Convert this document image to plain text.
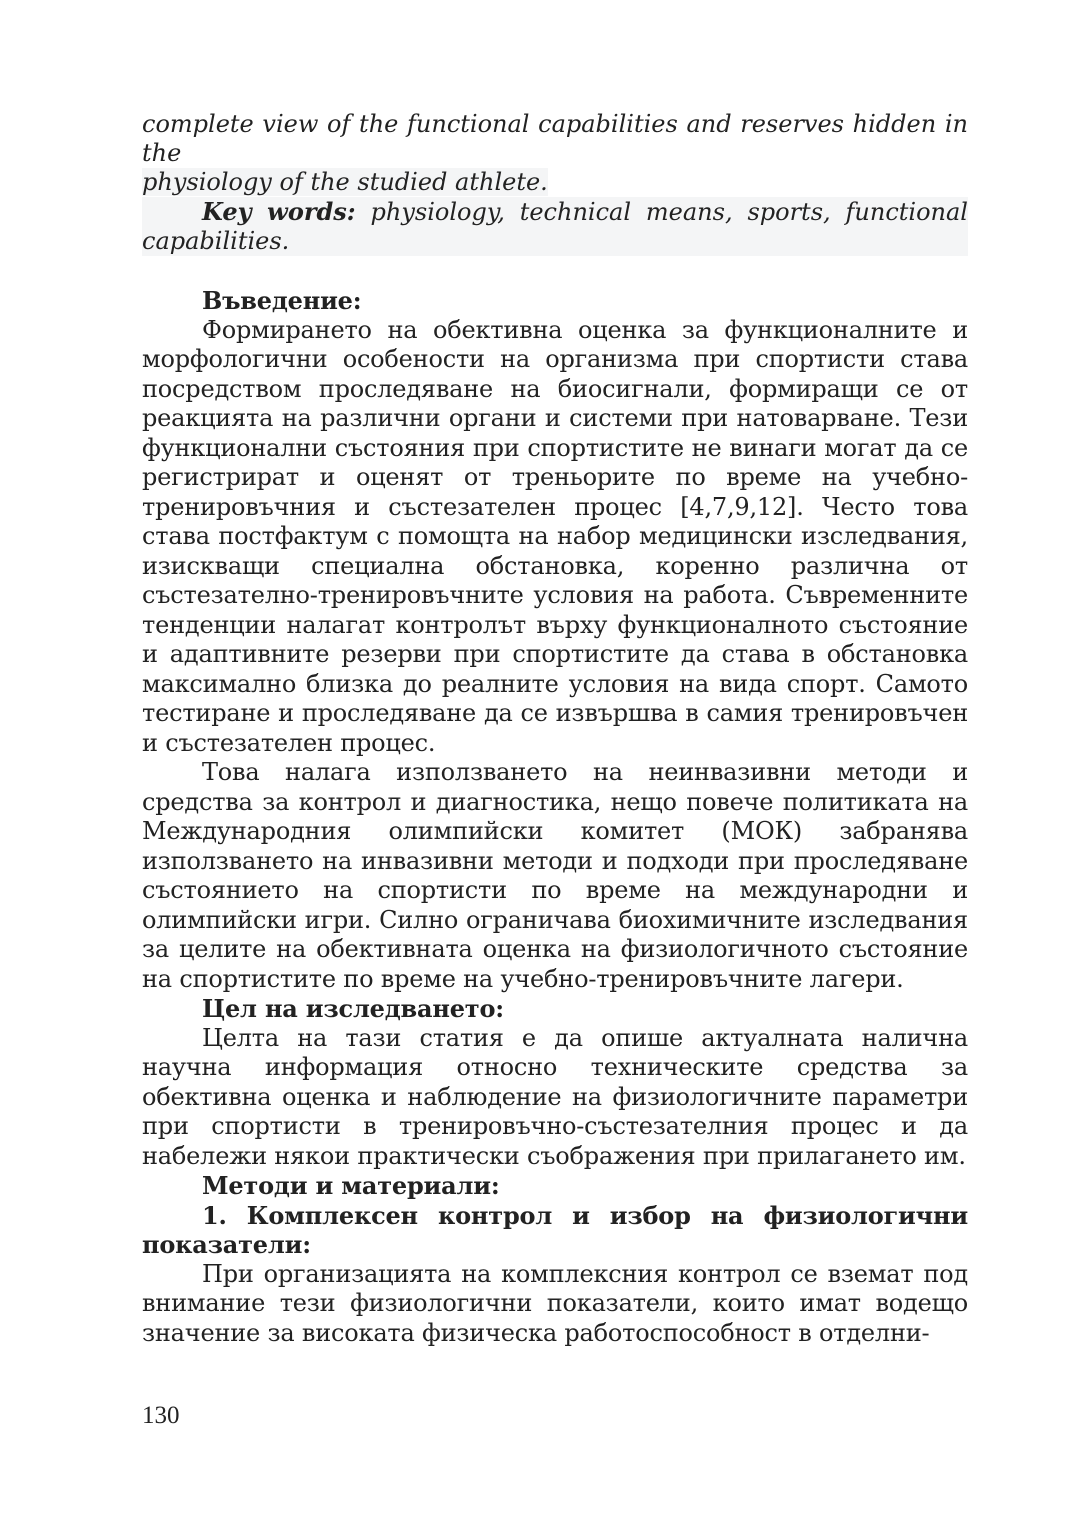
complete view of the functional capabilities and reserves hidden in the
physiology of the studied athlete.

Key words: physiology, technical means, sports, functional capabilities.

Въведение:

Формирането на обективна оценка за функционалните и морфологични особености на организма при спортисти става посредством проследяване на биосигнали, формиращи се от реакцията на различни органи и системи при натоварване. Тези функционални състояния при спортистите не винаги могат да се регистрират и оценят от треньорите по време на учебно-тренировъчния и състезателен процес [4,7,9,12]. Често това става постфактум с помощта на набор медицински изследвания, изискващи специална обстановка, коренно различна от състезателно-тренировъчните условия на работа. Съвременните тенденции налагат контролът върху функционалното състояние и адаптивните резерви при спортистите да става в обстановка максимално близка до реалните условия на вида спорт. Самото тестиране и проследяване да се извършва в самия тренировъчен и състезателен процес.

Това налага използването на неинвазивни методи и средства за контрол и диагностика, нещо повече политиката на Международния олимпийски комитет (МОК) забранява използването на инвазивни методи и подходи при проследяване състоянието на спортисти по време на международни и олимпийски игри. Силно ограничава биохимичните изследвания за целите на обективната оценка на физиологичното състояние на спортистите по време на учебно-тренировъчните лагери.

Цел на изследването:

Целта на тази статия е да опише актуалната налична научна информация относно техническите средства за обективна оценка и наблюдение на физиологичните параметри при спортисти в тренировъчно-състезателния процес и да набележи някои практически съображения при прилагането им.

Методи и материали:

1. Комплексен контрол и избор на физиологични показатели:

При организацията на комплексния контрол се вземат под внимание тези физиологични показатели, които имат водещо значение за високата физическа работоспособност в отделни-

130
